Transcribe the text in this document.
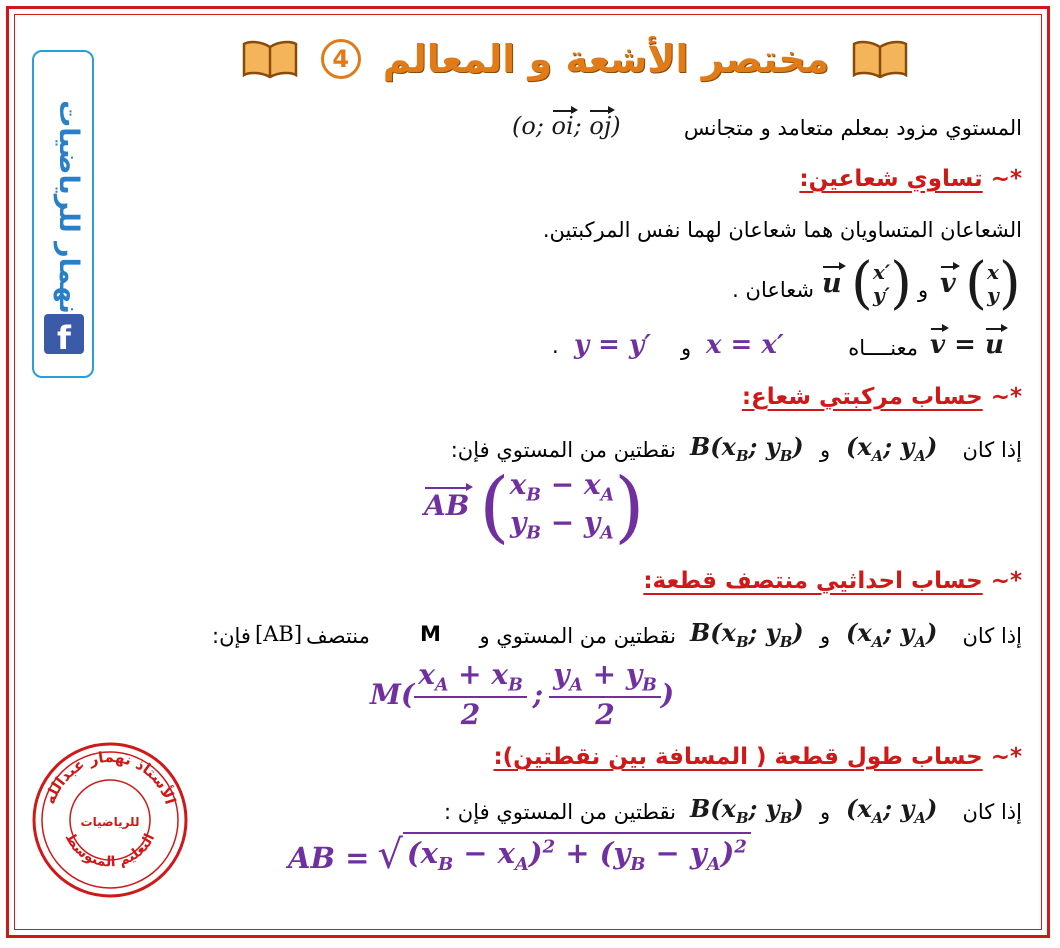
4 مختصر الأشعة و المعالم
نهمار للرياضيات
f
المستوي مزود بمعلم متعامد و متجانس
(o; oi; oj)
*~ تساوي شعاعين:
الشعاعان المتساويان هما شعاعان لهما نفس المركبتين.
u ( x′
y′ ) و v ( x
y )
شعاعان .
v = u
معنــــاه
x = x′
و
y = y′
.
*~ حساب مركبتي شعاع:
إذا كان
($x_A$; $y_A$)
و
$B(x_B$; $y_B$)
نقطتين من المستوي فإن:
AB ( $x_B - x_A$
$y_B - y_A$ )
*~ حساب احداثيي منتصف قطعة:
إذا كان
($x_A$; $y_A$)
و
$B(x_B$; $y_B$)
نقطتين من المستوي و
M
منتصف
[AB]
فإن:
$M( \frac{x_A + x_B}{2}$ ; $\frac{y_A + y_B}{2}$ )
*~ حساب طول قطعة ( المسافة بين نقطتين):
إذا كان
($x_A$; $y_A$)
و
$B(x_B$; $y_B$)
نقطتين من المستوي فإن :
AB = √ $(x_B - x_A)^2 + (y_B - y_A)^2$
الأستاذ نهمار عبدالله
للرياضيات
التعليم المتوسط
